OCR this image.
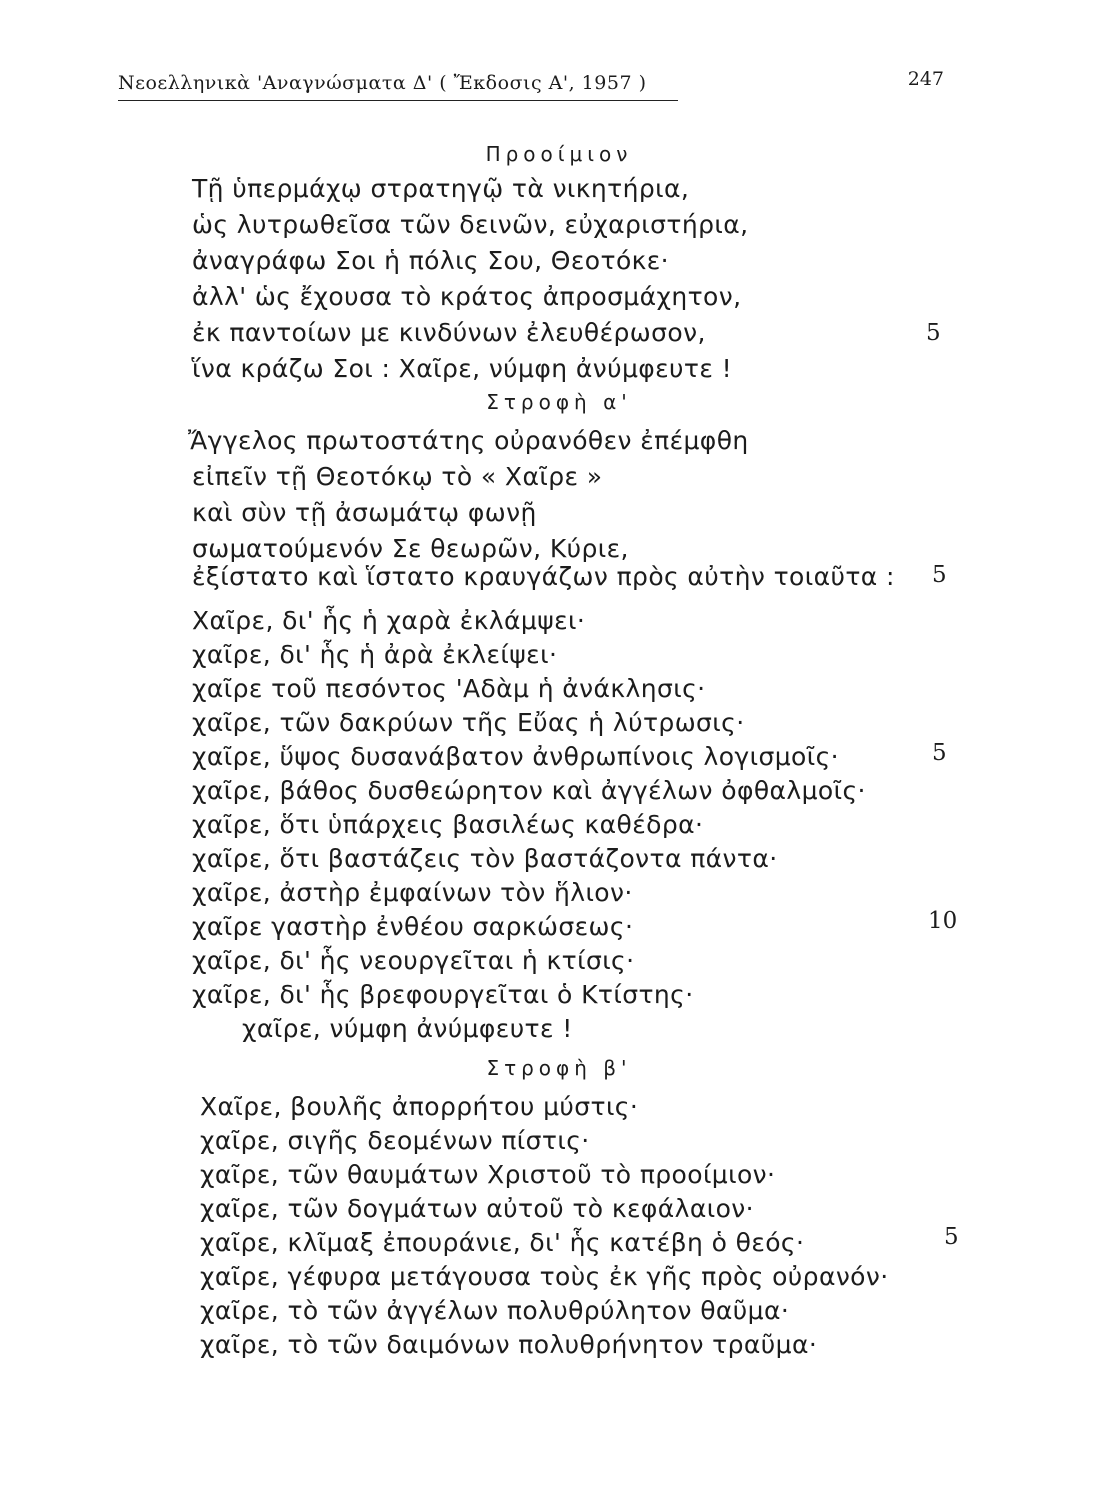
Νεοελληνικὰ 'Αναγνώσματα Δ' ( Ἔκδοσις Α', 1957 )	247
Προοίμιον
Τῇ ὑπερμάχῳ στρατηγῷ τὰ νικητήρια,
ὡς λυτρωθεῖσα τῶν δεινῶν, εὐχαριστήρια,
ἀναγράφω Σοι ἡ πόλις Σου, Θεοτόκε·
ἀλλ' ὡς ἔχουσα τὸ κράτος ἀπροσμάχητον,
ἐκ παντοίων με κινδύνων ἐλευθέρωσον,	5
ἵνα κράζω Σοι : Χαῖρε, νύμφη ἀνύμφευτε !
Στροφὴ α'
Ἄγγελος πρωτοστάτης οὐρανόθεν ἐπέμφθη
εἰπεῖν τῇ Θεοτόκῳ τὸ « Χαῖρε »
καὶ σὺν τῇ ἀσωμάτῳ φωνῇ
σωματούμενόν Σε θεωρῶν, Κύριε,
ἐξίστατο καὶ ἵστατο κραυγάζων πρὸς αὐτὴν τοιαῦτα : 5
Χαῖρε, δι' ἧς ἡ χαρὰ ἐκλάμψει·
χαῖρε, δι' ἧς ἡ ἀρὰ ἐκλείψει·
χαῖρε τοῦ πεσόντος 'Αδὰμ ἡ ἀνάκλησις·
χαῖρε, τῶν δακρύων τῆς Εὔας ἡ λύτρωσις·
χαῖρε, ὕψος δυσανάβατον ἀνθρωπίνοις λογισμοῖς·	5
χαῖρε, βάθος δυσθεώρητον καὶ ἀγγέλων ὀφθαλμοῖς·
χαῖρε, ὅτι ὑπάρχεις βασιλέως καθέδρα·
χαῖρε, ὅτι βαστάζεις τὸν βαστάζοντα πάντα·
χαῖρε, ἀστὴρ ἐμφαίνων τὸν ἥλιον·
χαῖρε γαστὴρ ἐνθέου σαρκώσεως·	10
χαῖρε, δι' ἧς νεουργεῖται ἡ κτίσις·
χαῖρε, δι' ἧς βρεφουργεῖται ὁ Κτίστης·
χαῖρε, νύμφη ἀνύμφευτε !
Στροφὴ β'
Χαῖρε, βουλῆς ἀπορρήτου μύστις·
χαῖρε, σιγῆς δεομένων πίστις·
χαῖρε, τῶν θαυμάτων Χριστοῦ τὸ προοίμιον·
χαῖρε, τῶν δογμάτων αὐτοῦ τὸ κεφάλαιον·
χαῖρε, κλῖμαξ ἐπουράνιε, δι' ἧς κατέβη ὁ θεός·	5
χαῖρε, γέφυρα μετάγουσα τοὺς ἐκ γῆς πρὸς οὐρανόν·
χαῖρε, τὸ τῶν ἀγγέλων πολυθρύλητον θαῦμα·
χαῖρε, τὸ τῶν δαιμόνων πολυθρήνητον τραῦμα·
